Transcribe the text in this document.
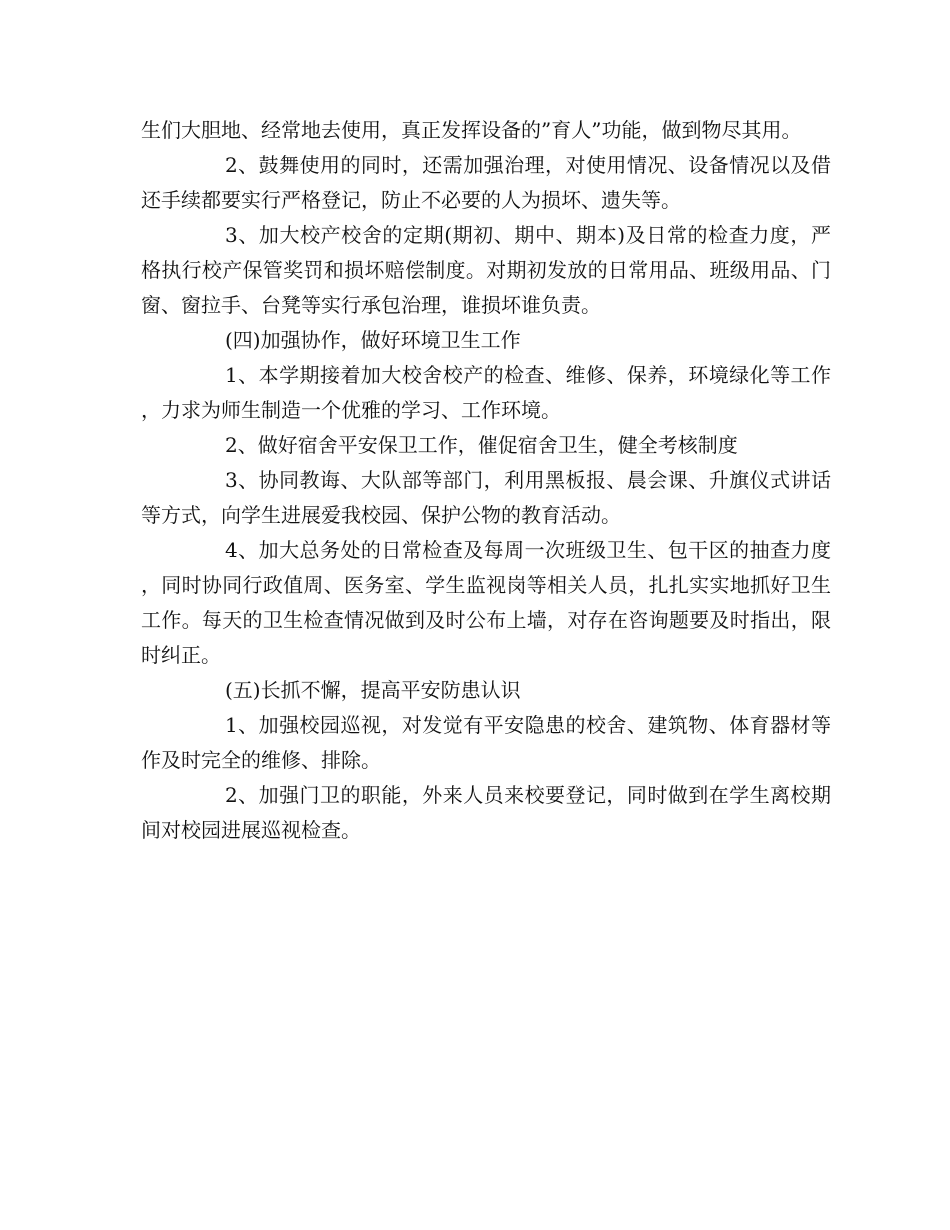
生们大胆地、经常地去使用，真正发挥设备的”育人”功能，做到物尽其用。

2、鼓舞使用的同时，还需加强治理，对使用情况、设备情况以及借还手续都要实行严格登记，防止不必要的人为损坏、遗失等。

3、加大校产校舍的定期(期初、期中、期本)及日常的检查力度，严格执行校产保管奖罚和损坏赔偿制度。对期初发放的日常用品、班级用品、门窗、窗拉手、台凳等实行承包治理，谁损坏谁负责。

(四)加强协作，做好环境卫生工作

1、本学期接着加大校舍校产的检查、维修、保养，环境绿化等工作，力求为师生制造一个优雅的学习、工作环境。

2、做好宿舍平安保卫工作，催促宿舍卫生，健全考核制度

3、协同教诲、大队部等部门，利用黑板报、晨会课、升旗仪式讲话等方式，向学生进展爱我校园、保护公物的教育活动。

4、加大总务处的日常检查及每周一次班级卫生、包干区的抽查力度，同时协同行政值周、医务室、学生监视岗等相关人员，扎扎实实地抓好卫生工作。每天的卫生检查情况做到及时公布上墙，对存在咨询题要及时指出，限时纠正。

(五)长抓不懈，提高平安防患认识

1、加强校园巡视，对发觉有平安隐患的校舍、建筑物、体育器材等作及时完全的维修、排除。

2、加强门卫的职能，外来人员来校要登记，同时做到在学生离校期间对校园进展巡视检查。
